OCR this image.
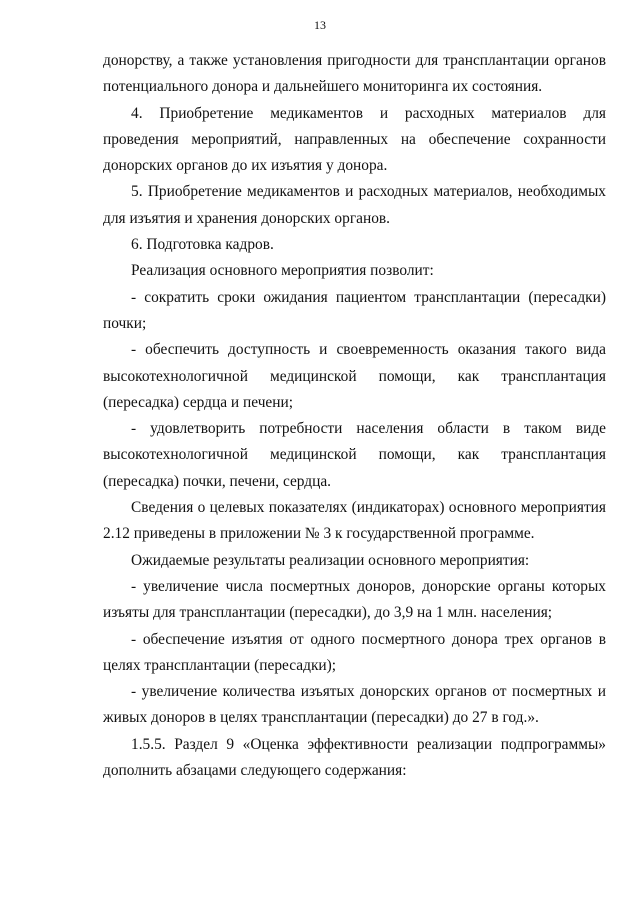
13

донорству, а также установления пригодности для трансплантации органов потенциального донора и дальнейшего мониторинга их состояния.

4. Приобретение медикаментов и расходных материалов для проведения мероприятий, направленных на обеспечение сохранности донорских органов до их изъятия у донора.

5. Приобретение медикаментов и расходных материалов, необходимых для изъятия и хранения донорских органов.

6. Подготовка кадров.

Реализация основного мероприятия позволит:

- сократить сроки ожидания пациентом трансплантации (пересадки) почки;

- обеспечить доступность и своевременность оказания такого вида высокотехнологичной медицинской помощи, как трансплантация (пересадка) сердца и печени;

- удовлетворить потребности населения области в таком виде высокотехнологичной медицинской помощи, как трансплантация (пересадка) почки, печени, сердца.

Сведения о целевых показателях (индикаторах) основного мероприятия 2.12 приведены в приложении № 3 к государственной программе.

Ожидаемые результаты реализации основного мероприятия:

- увеличение числа посмертных доноров, донорские органы которых изъяты для трансплантации (пересадки), до 3,9 на 1 млн. населения;

- обеспечение изъятия от одного посмертного донора трех органов в целях трансплантации (пересадки);

- увеличение количества изъятых донорских органов от посмертных и живых доноров в целях трансплантации (пересадки) до 27 в год.».

1.5.5. Раздел 9 «Оценка эффективности реализации подпрограммы» дополнить абзацами следующего содержания:
